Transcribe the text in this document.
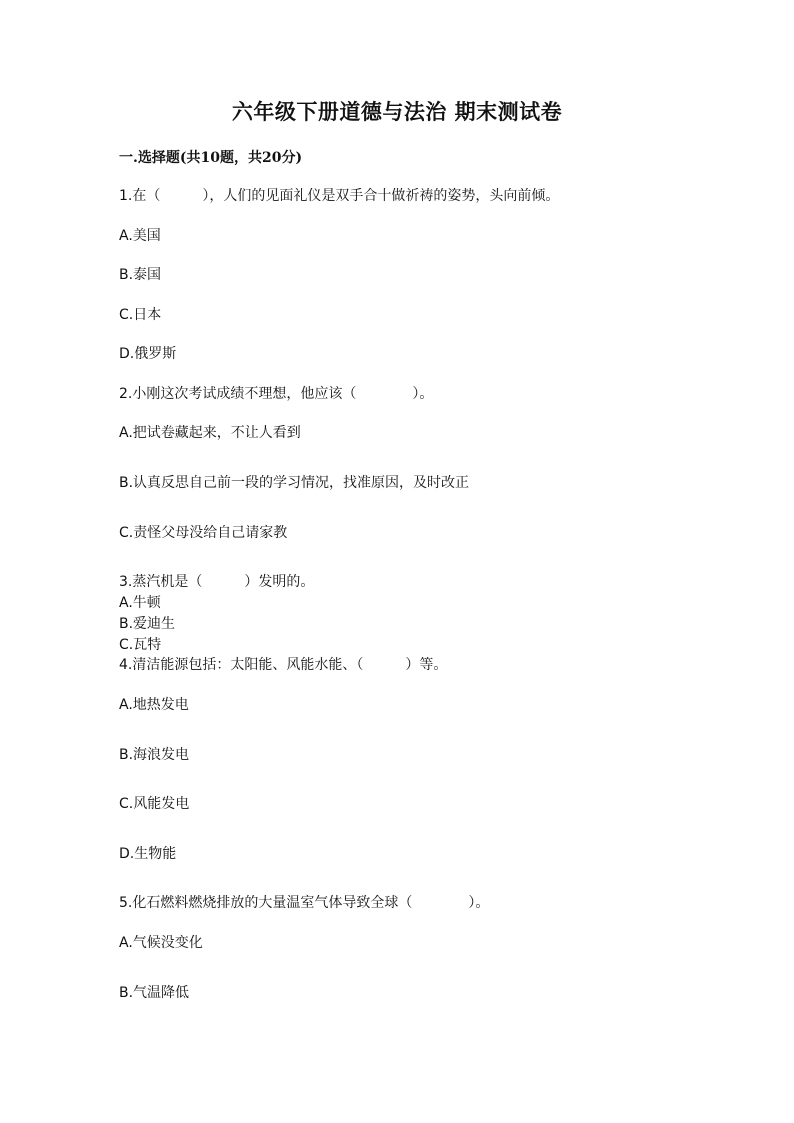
六年级下册道德与法治 期末测试卷
一.选择题(共10题，共20分)
1.在（　　　），人们的见面礼仪是双手合十做祈祷的姿势，头向前倾。
A.美国
B.泰国
C.日本
D.俄罗斯
2.小刚这次考试成绩不理想，他应该（　　　　）。
A.把试卷藏起来，不让人看到
B.认真反思自己前一段的学习情况，找准原因，及时改正
C.责怪父母没给自己请家教
3.蒸汽机是（　　　）发明的。
A.牛顿
B.爱迪生
C.瓦特
4.清洁能源包括：太阳能、风能水能、（　　　）等。
A.地热发电
B.海浪发电
C.风能发电
D.生物能
5.化石燃料燃烧排放的大量温室气体导致全球（　　　　）。
A.气候没变化
B.气温降低
